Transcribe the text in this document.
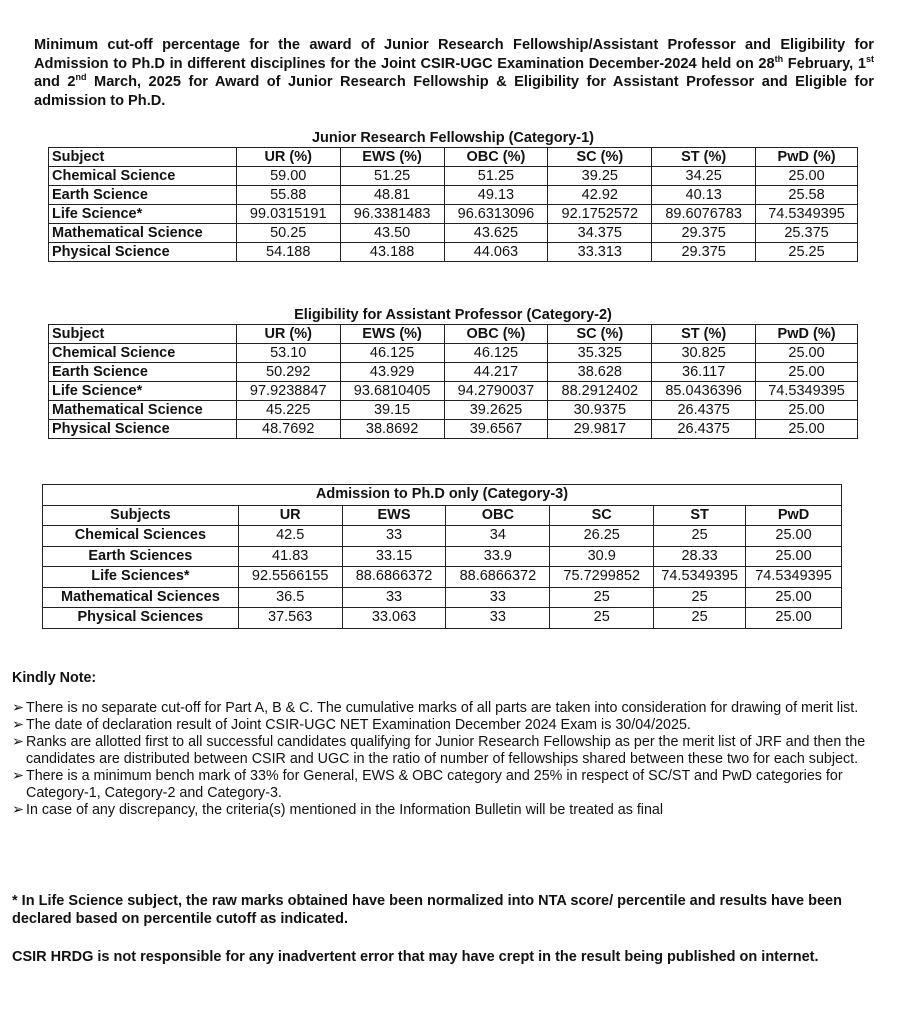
Minimum cut-off percentage for the award of Junior Research Fellowship/Assistant Professor and Eligibility for Admission to Ph.D in different disciplines for the Joint CSIR-UGC Examination December-2024 held on 28th February, 1st and 2nd March, 2025 for Award of Junior Research Fellowship & Eligibility for Assistant Professor and Eligible for admission to Ph.D.
Junior Research Fellowship (Category-1)						
Subject	UR (%)	EWS (%)	OBC (%)	SC (%)	ST (%)	PwD (%)
Chemical Science	59.00	51.25	51.25	39.25	34.25	25.00
Earth Science	55.88	48.81	49.13	42.92	40.13	25.58
Life Science*	99.0315191	96.3381483	96.6313096	92.1752572	89.6076783	74.5349395
Mathematical Science	50.25	43.50	43.625	34.375	29.375	25.375
Physical Science	54.188	43.188	44.063	33.313	29.375	25.25
Eligibility for Assistant Professor (Category-2)						
Subject	UR (%)	EWS (%)	OBC (%)	SC (%)	ST (%)	PwD (%)
Chemical Science	53.10	46.125	46.125	35.325	30.825	25.00
Earth Science	50.292	43.929	44.217	38.628	36.117	25.00
Life Science*	97.9238847	93.6810405	94.2790037	88.2912402	85.0436396	74.5349395
Mathematical Science	45.225	39.15	39.2625	30.9375	26.4375	25.00
Physical Science	48.7692	38.8692	39.6567	29.9817	26.4375	25.00
Admission to Ph.D only (Category-3)						
Subjects	UR	EWS	OBC	SC	ST	PwD
Chemical Sciences	42.5	33	34	26.25	25	25.00
Earth Sciences	41.83	33.15	33.9	30.9	28.33	25.00
Life Sciences*	92.5566155	88.6866372	88.6866372	75.7299852	74.5349395	74.5349395
Mathematical Sciences	36.5	33	33	25	25	25.00
Physical Sciences	37.563	33.063	33	25	25	25.00
Kindly Note:
➢ There is no separate cut-off for Part A, B & C. The cumulative marks of all parts are taken into consideration for drawing of merit list.
➢ The date of declaration result of Joint CSIR-UGC NET Examination December 2024 Exam is 30/04/2025.
➢ Ranks are allotted first to all successful candidates qualifying for Junior Research Fellowship as per the merit list of JRF and then the candidates are distributed between CSIR and UGC in the ratio of number of fellowships shared between these two for each subject.
➢ There is a minimum bench mark of 33% for General, EWS & OBC category and 25% in respect of SC/ST and PwD categories for Category-1, Category-2 and Category-3.
➢ In case of any discrepancy, the criteria(s) mentioned in the Information Bulletin will be treated as final
* In Life Science subject, the raw marks obtained have been normalized into NTA score/ percentile and results have been declared based on percentile cutoff as indicated.
CSIR HRDG is not responsible for any inadvertent error that may have crept in the result being published on internet.
